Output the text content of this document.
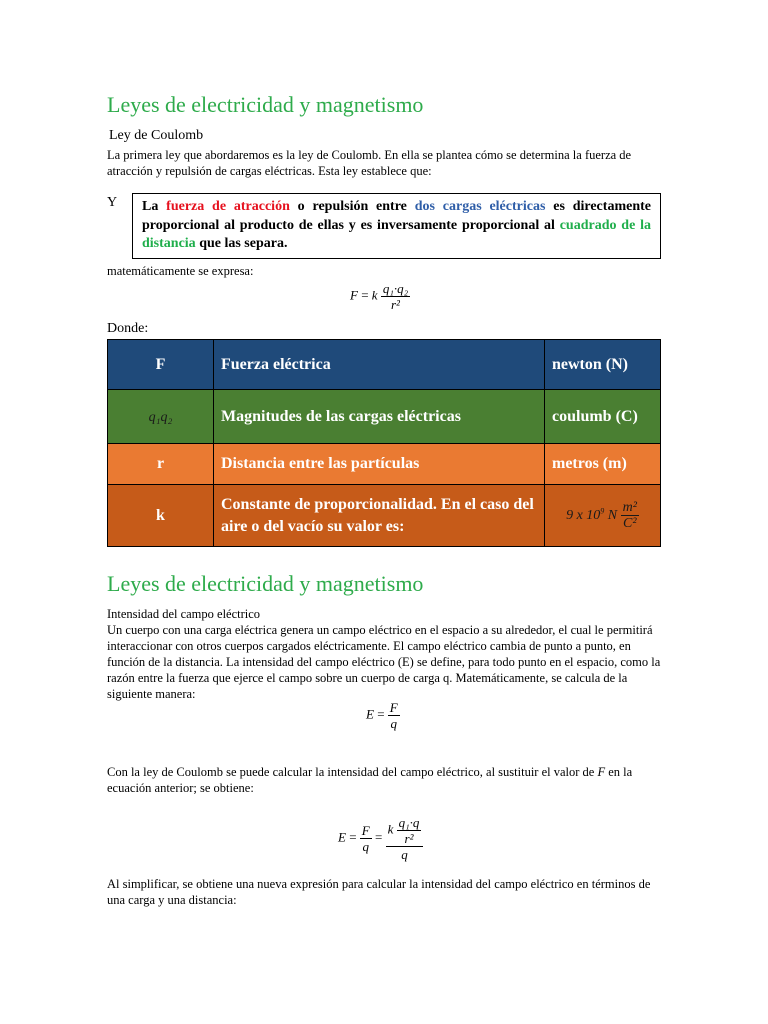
Leyes de electricidad y magnetismo
Ley de Coulomb
La primera ley que abordaremos es la ley de Coulomb. En ella se plantea cómo se determina la fuerza de atracción y repulsión de cargas eléctricas. Esta ley establece que:
Y	La fuerza de atracción o repulsión entre dos cargas eléctricas es directamente proporcional al producto de ellas y es inversamente proporcional al cuadrado de la distancia que las separa.
matemáticamente se expresa:
F = k $\frac{\text{q₁·q₂}}{\text{r²}}$
Donde:
F	Fuerza eléctrica	newton (N)
q₁q₂	Magnitudes de las cargas eléctricas	coulumb (C)
r	Distancia entre las partículas	metros (m)
k	Constante de proporcionalidad. En el caso del aire o del vacío su valor es:	9 x $10^9$ N $\frac{\text{m²}}{\text{C²}}$
Leyes de electricidad y magnetismo
Intensidad del campo eléctrico
Un cuerpo con una carga eléctrica genera un campo eléctrico en el espacio a su alrededor, el cual le permitirá interaccionar con otros cuerpos cargados eléctricamente. El campo eléctrico cambia de punto a punto, en función de la distancia. La intensidad del campo eléctrico (E) se define, para todo punto en el espacio, como la razón entre la fuerza que ejerce el campo sobre un cuerpo de carga q. Matemáticamente, se calcula de la siguiente manera:
$E = \frac{F}{q}$
Con la ley de Coulomb se puede calcular la intensidad del campo eléctrico, al sustituir el valor de F en la ecuación anterior; se obtiene:
$E = \frac{F}{q} = \frac{k \frac{\text{q₁·q}}{\text{r²}}}{q}$
Al simplificar, se obtiene una nueva expresión para calcular la intensidad del campo eléctrico en términos de una carga y una distancia:
